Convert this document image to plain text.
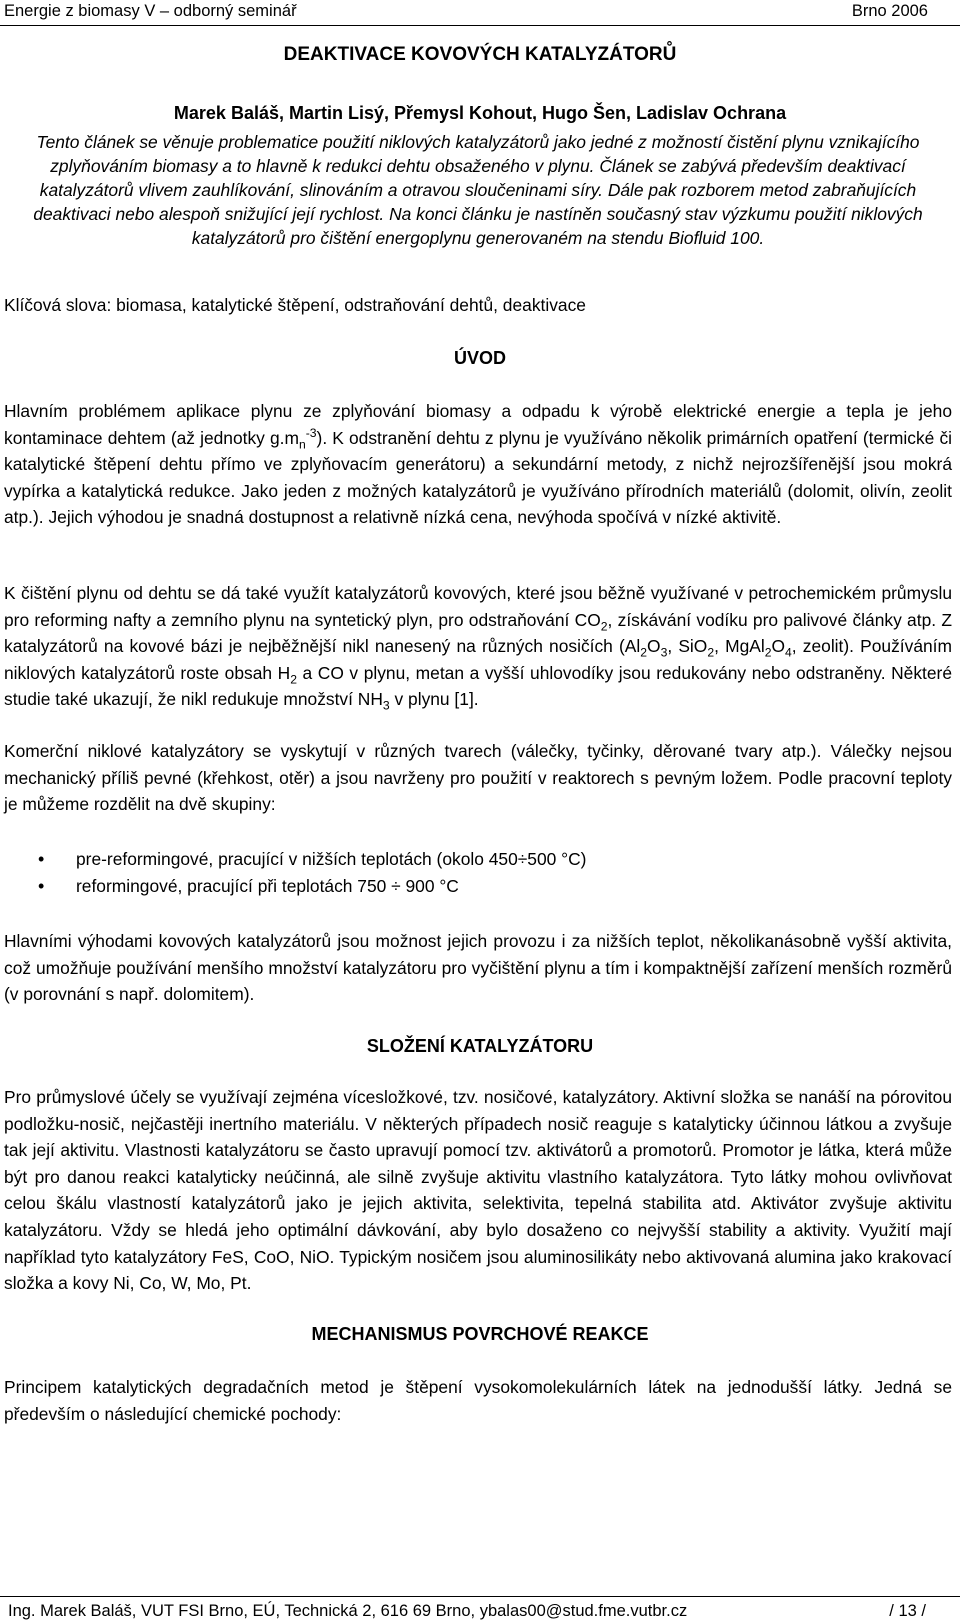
Energie z biomasy V – odborný seminář	Brno 2006
DEAKTIVACE KOVOVÝCH KATALYZÁTORŮ
Marek Baláš, Martin Lisý, Přemysl Kohout, Hugo Šen, Ladislav Ochrana
Tento článek se věnuje problematice použití niklových katalyzátorů jako jedné z možností čistění plynu vznikajícího zplyňováním biomasy a to hlavně k redukci dehtu obsaženého v plynu. Článek se zabývá především deaktivací katalyzátorů vlivem zauhlíkování, slinováním a otravou sloučeninami síry. Dále pak rozborem metod zabraňujících deaktivaci nebo alespoň snižující její rychlost. Na konci článku je nastíněn současný stav výzkumu použití niklových katalyzátorů pro čištění energoplynu generovaném na stendu Biofluid 100.
Klíčová slova: biomasa, katalytické štěpení, odstraňování dehtů, deaktivace
ÚVOD
Hlavním problémem aplikace plynu ze zplyňování biomasy a odpadu k výrobě elektrické energie a tepla je jeho kontaminace dehtem (až jednotky $g.m_n^{-3}$). K odstranění dehtu z plynu je využíváno několik primárních opatření (termické či katalytické štěpení dehtu přímo ve zplyňovacím generátoru) a sekundární metody, z nichž nejrozšířenější jsou mokrá vypírka a katalytická redukce. Jako jeden z možných katalyzátorů je využíváno přírodních materiálů (dolomit, olivín, zeolit atp.). Jejich výhodou je snadná dostupnost a relativně nízká cena, nevýhoda spočívá v nízké aktivitě.
K čištění plynu od dehtu se dá také využít katalyzátorů kovových, které jsou běžně využívané v petrochemickém průmyslu pro reforming nafty a zemního plynu na syntetický plyn, pro odstraňování $CO_2$, získávání vodíku pro palivové články atp. Z katalyzátorů na kovové bázi je nejběžnější nikl nanesený na různých nosičích ($Al_2O_3$, SiO$_2$, $MgAl_2O_4$, zeolit). Používáním niklových katalyzátorů roste obsah $H_2$ a CO v plynu, metan a vyšší uhlovodíky jsou redukovány nebo odstraněny. Některé studie také ukazují, že nikl redukuje množství $NH_3$ v plynu [1].
Komerční niklové katalyzátory se vyskytují v různých tvarech (válečky, tyčinky, děrované tvary atp.). Válečky nejsou mechanický příliš pevné (křehkost, otěr) a jsou navrženy pro použití v reaktorech s pevným ložem. Podle pracovní teploty je můžeme rozdělit na dvě skupiny:
• pre-reformingové, pracující v nižších teplotách (okolo 450÷500 °C)
• reformingové, pracující při teplotách 750 ÷ 900 °C
Hlavními výhodami kovových katalyzátorů jsou možnost jejich provozu i za nižších teplot, několikanásobně vyšší aktivita, což umožňuje používání menšího množství katalyzátoru pro vyčištění plynu a tím i kompaktnější zařízení menších rozměrů (v porovnání s např. dolomitem).
SLOŽENÍ KATALYZÁTORU
Pro průmyslové účely se využívají zejména vícesložkové, tzv. nosičové, katalyzátory. Aktivní složka se nanáší na pórovitou podložku-nosič, nejčastěji inertního materiálu. V některých případech nosič reaguje s katalyticky účinnou látkou a zvyšuje tak její aktivitu. Vlastnosti katalyzátoru se často upravují pomocí tzv. aktivátorů a promotorů. Promotor je látka, která může být pro danou reakci katalyticky neúčinná, ale silně zvyšuje aktivitu vlastního katalyzátora. Tyto látky mohou ovlivňovat celou škálu vlastností katalyzátorů jako je jejich aktivita, selektivita, tepelná stabilita atd. Aktivátor zvyšuje aktivitu katalyzátoru. Vždy se hledá jeho optimální dávkování, aby bylo dosaženo co nejvyšší stability a aktivity. Využití mají například tyto katalyzátory FeS, CoO, NiO. Typickým nosičem jsou aluminosilikáty nebo aktivovaná alumina jako krakovací složka a kovy Ni, Co, W, Mo, Pt.
MECHANISMUS POVRCHOVÉ REAKCE
Principem katalytických degradačních metod je štěpení vysokomolekulárních látek na jednodušší látky. Jedná se především o následující chemické pochody:
Ing. Marek Baláš, VUT FSI Brno, EÚ, Technická 2, 616 69 Brno, ybalas00@stud.fme.vutbr.cz	/ 13 /
